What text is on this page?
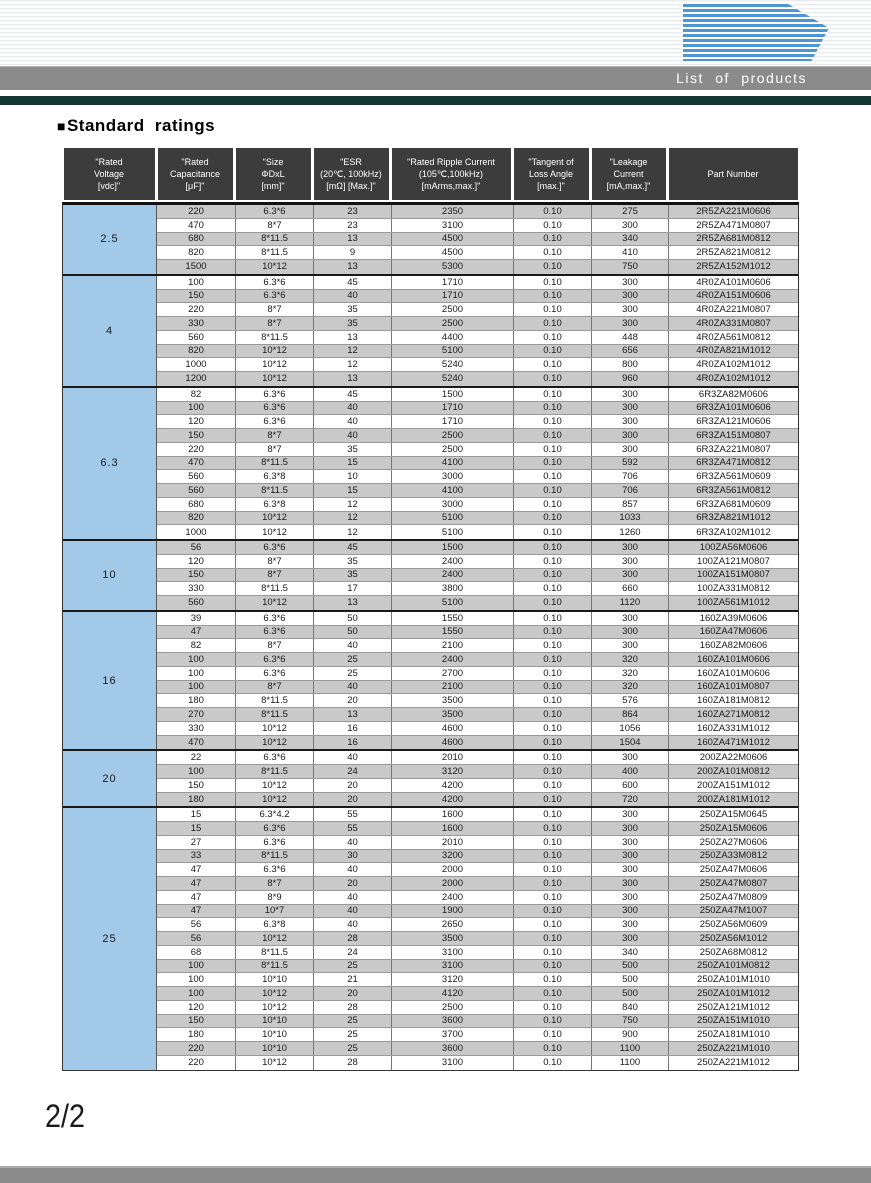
List of products
■Standard ratings
"Rated
Voltage
[vdc]"
"Rated
Capacitance
[μF]"
"Size
ΦDxL
[mm]"
"ESR
(20℃, 100kHz)
[mΩ] [Max.]"
"Rated Ripple Current
(105℃,100kHz)
[mArms,max.]"
"Tangent of
Loss Angle
[max.]"
"Leakage
Current
[mA,max.]"
Part Number
2.5
220	6.3*6	23	2350	0.10	275	2R5ZA221M0606
470	8*7	23	3100	0.10	300	2R5ZA471M0807
680	8*11.5	13	4500	0.10	340	2R5ZA681M0812
820	8*11.5	9	4500	0.10	410	2R5ZA821M0812
1500	10*12	13	5300	0.10	750	2R5ZA152M1012
4
100	6.3*6	45	1710	0.10	300	4R0ZA101M0606
150	6.3*6	40	1710	0.10	300	4R0ZA151M0606
220	8*7	35	2500	0.10	300	4R0ZA221M0807
330	8*7	35	2500	0.10	300	4R0ZA331M0807
560	8*11.5	13	4400	0.10	448	4R0ZA561M0812
820	10*12	12	5100	0.10	656	4R0ZA821M1012
1000	10*12	12	5240	0.10	800	4R0ZA102M1012
1200	10*12	13	5240	0.10	960	4R0ZA102M1012
6.3
82	6.3*6	45	1500	0.10	300	6R3ZA82M0606
100	6.3*6	40	1710	0.10	300	6R3ZA101M0606
120	6.3*6	40	1710	0.10	300	6R3ZA121M0606
150	8*7	40	2500	0.10	300	6R3ZA151M0807
220	8*7	35	2500	0.10	300	6R3ZA221M0807
470	8*11.5	15	4100	0.10	592	6R3ZA471M0812
560	6.3*8	10	3000	0.10	706	6R3ZA561M0609
560	8*11.5	15	4100	0.10	706	6R3ZA561M0812
680	6.3*8	12	3000	0.10	857	6R3ZA681M0609
820	10*12	12	5100	0.10	1033	6R3ZA821M1012
1000	10*12	12	5100	0.10	1260	6R3ZA102M1012
10
56	6.3*6	45	1500	0.10	300	100ZA56M0606
120	8*7	35	2400	0.10	300	100ZA121M0807
150	8*7	35	2400	0.10	300	100ZA151M0807
330	8*11.5	17	3800	0.10	660	100ZA331M0812
560	10*12	13	5100	0.10	1120	100ZA561M1012
16
39	6.3*6	50	1550	0.10	300	160ZA39M0606
47	6.3*6	50	1550	0.10	300	160ZA47M0606
82	8*7	40	2100	0.10	300	160ZA82M0606
100	6.3*6	25	2400	0.10	320	160ZA101M0606
100	6.3*6	25	2700	0.10	320	160ZA101M0606
100	8*7	40	2100	0.10	320	160ZA101M0807
180	8*11.5	20	3500	0.10	576	160ZA181M0812
270	8*11.5	13	3500	0.10	864	160ZA271M0812
330	10*12	16	4600	0.10	1056	160ZA331M1012
470	10*12	16	4600	0.10	1504	160ZA471M1012
20
22	6.3*6	40	2010	0.10	300	200ZA22M0606
100	8*11.5	24	3120	0.10	400	200ZA101M0812
150	10*12	20	4200	0.10	600	200ZA151M1012
180	10*12	20	4200	0.10	720	200ZA181M1012
25
15	6.3*4.2	55	1600	0.10	300	250ZA15M0645
15	6.3*6	55	1600	0.10	300	250ZA15M0606
27	6.3*6	40	2010	0.10	300	250ZA27M0606
33	8*11.5	30	3200	0.10	300	250ZA33M0812
47	6.3*6	40	2000	0.10	300	250ZA47M0606
47	8*7	20	2000	0.10	300	250ZA47M0807
47	8*9	40	2400	0.10	300	250ZA47M0809
47	10*7	40	1900	0.10	300	250ZA47M1007
56	6.3*8	40	2650	0.10	300	250ZA56M0609
56	10*12	28	3500	0.10	300	250ZA56M1012
68	8*11.5	24	3100	0.10	340	250ZA68M0812
100	8*11.5	25	3100	0.10	500	250ZA101M0812
100	10*10	21	3120	0.10	500	250ZA101M1010
100	10*12	20	4120	0.10	500	250ZA101M1012
120	10*12	28	2500	0.10	840	250ZA121M1012
150	10*10	25	3600	0.10	750	250ZA151M1010
180	10*10	25	3700	0.10	900	250ZA181M1010
220	10*10	25	3600	0.10	1100	250ZA221M1010
220	10*12	28	3100	0.10	1100	250ZA221M1012
2/2
